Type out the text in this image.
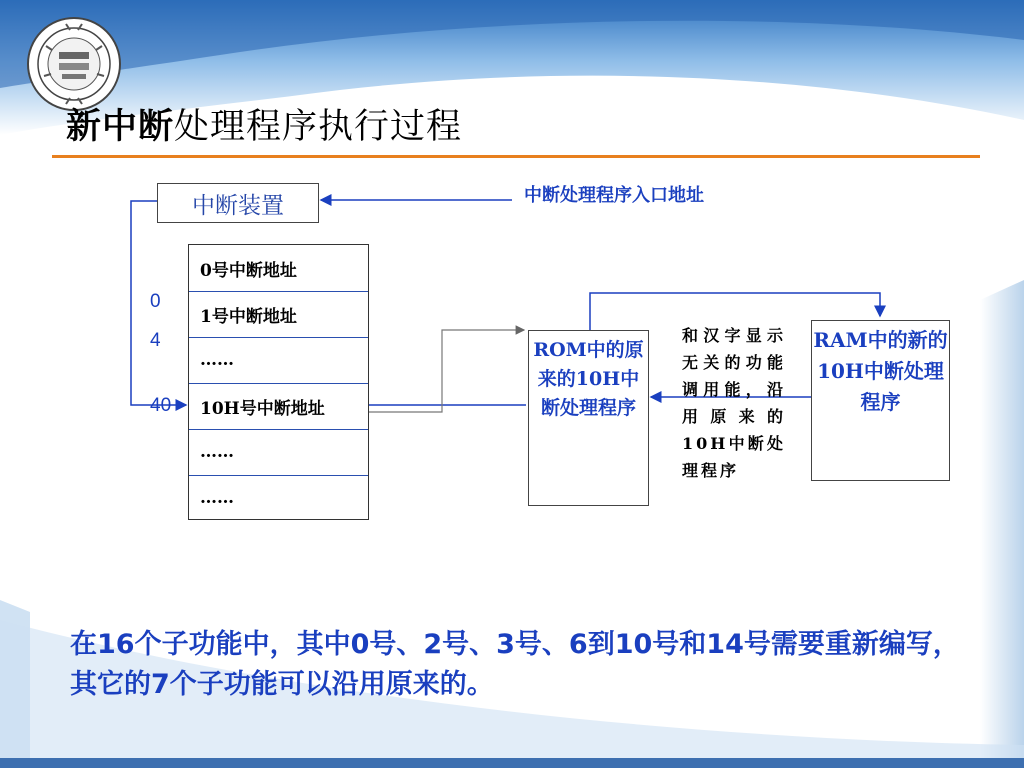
新中断处理程序执行过程
中断装置	中断处理程序入口地址
0号中断地址
1号中断地址
……
10H号中断地址
……
……
0
4
40
ROM中的原来的10H中断处理程序
和汉字显示无关的功能调用能，沿用原来的10H中断处理程序
RAM中的新的10H中断处理程序
在16个子功能中，其中0号、2号、3号、6到10号和14号需要重新编写，其它的7个子功能可以沿用原来的。
